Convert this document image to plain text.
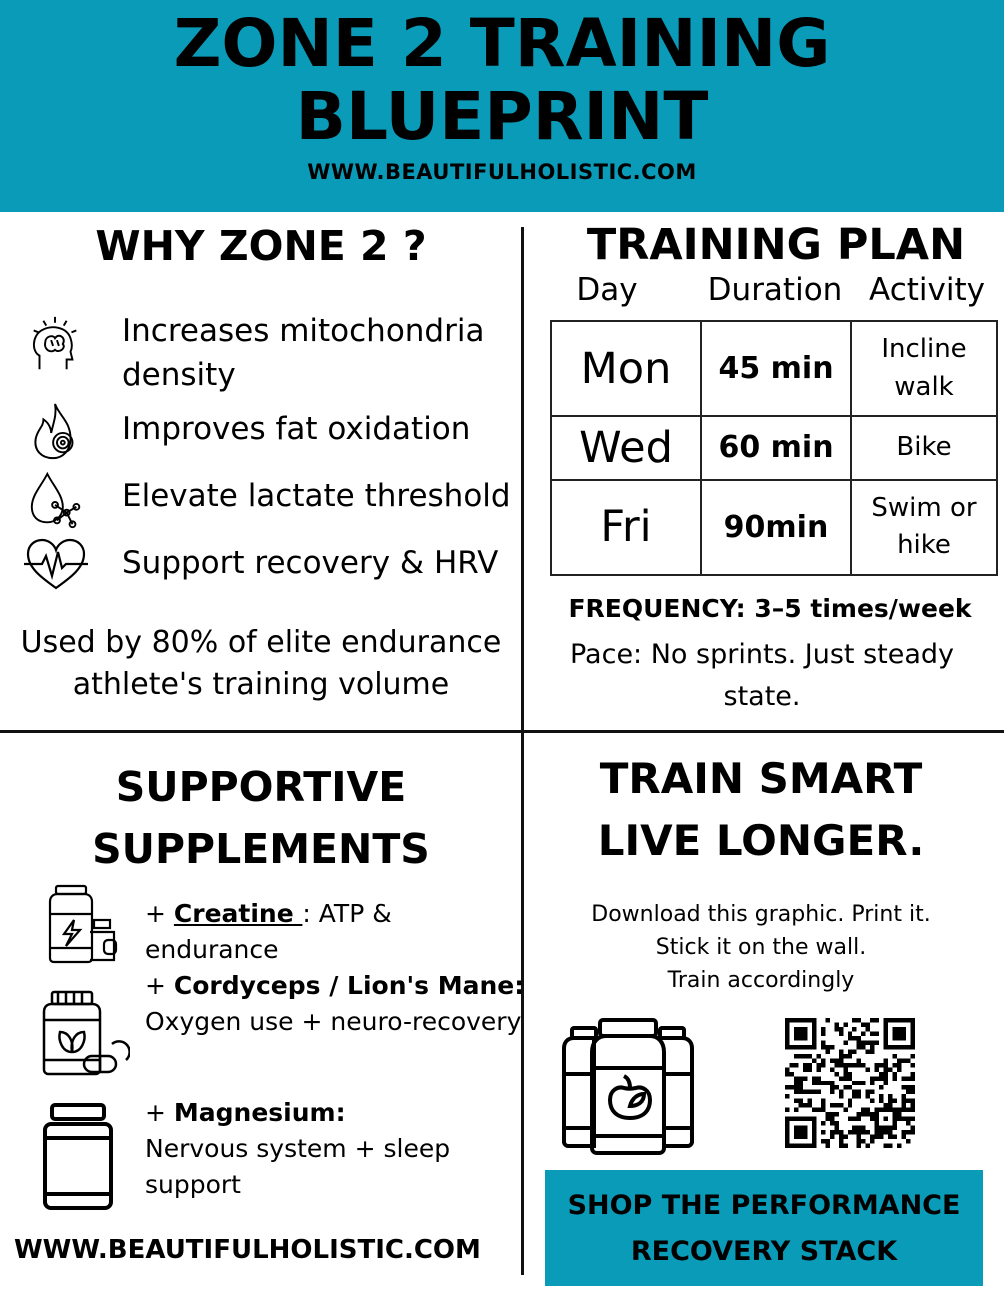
ZONE 2 TRAINING
BLUEPRINT
WWW.BEAUTIFULHOLISTIC.COM
WHY ZONE 2 ?
Increases mitochondria
density
Improves fat oxidation
Elevate lactate threshold
Support recovery & HRV
Used by 80% of elite endurance
athlete's training volume
TRAINING PLAN
Day	Duration Activity
Mon	45 min	Incline
walk

Wed	60 min	Bike

Fri	90min	Swim or
hike
FREQUENCY: 3–5 times/week
Pace: No sprints. Just steady
state.
SUPPORTIVE
SUPPLEMENTS
+ Creatine : ATP & endurance
+ Cordyceps / Lion's Mane:
Oxygen use + neuro-recovery
+ Magnesium:
Nervous system + sleep
support
WWW.BEAUTIFULHOLISTIC.COM
TRAIN SMART
LIVE LONGER.
Download this graphic. Print it.
Stick it on the wall.
Train accordingly
SHOP THE PERFORMANCE
RECOVERY STACK
